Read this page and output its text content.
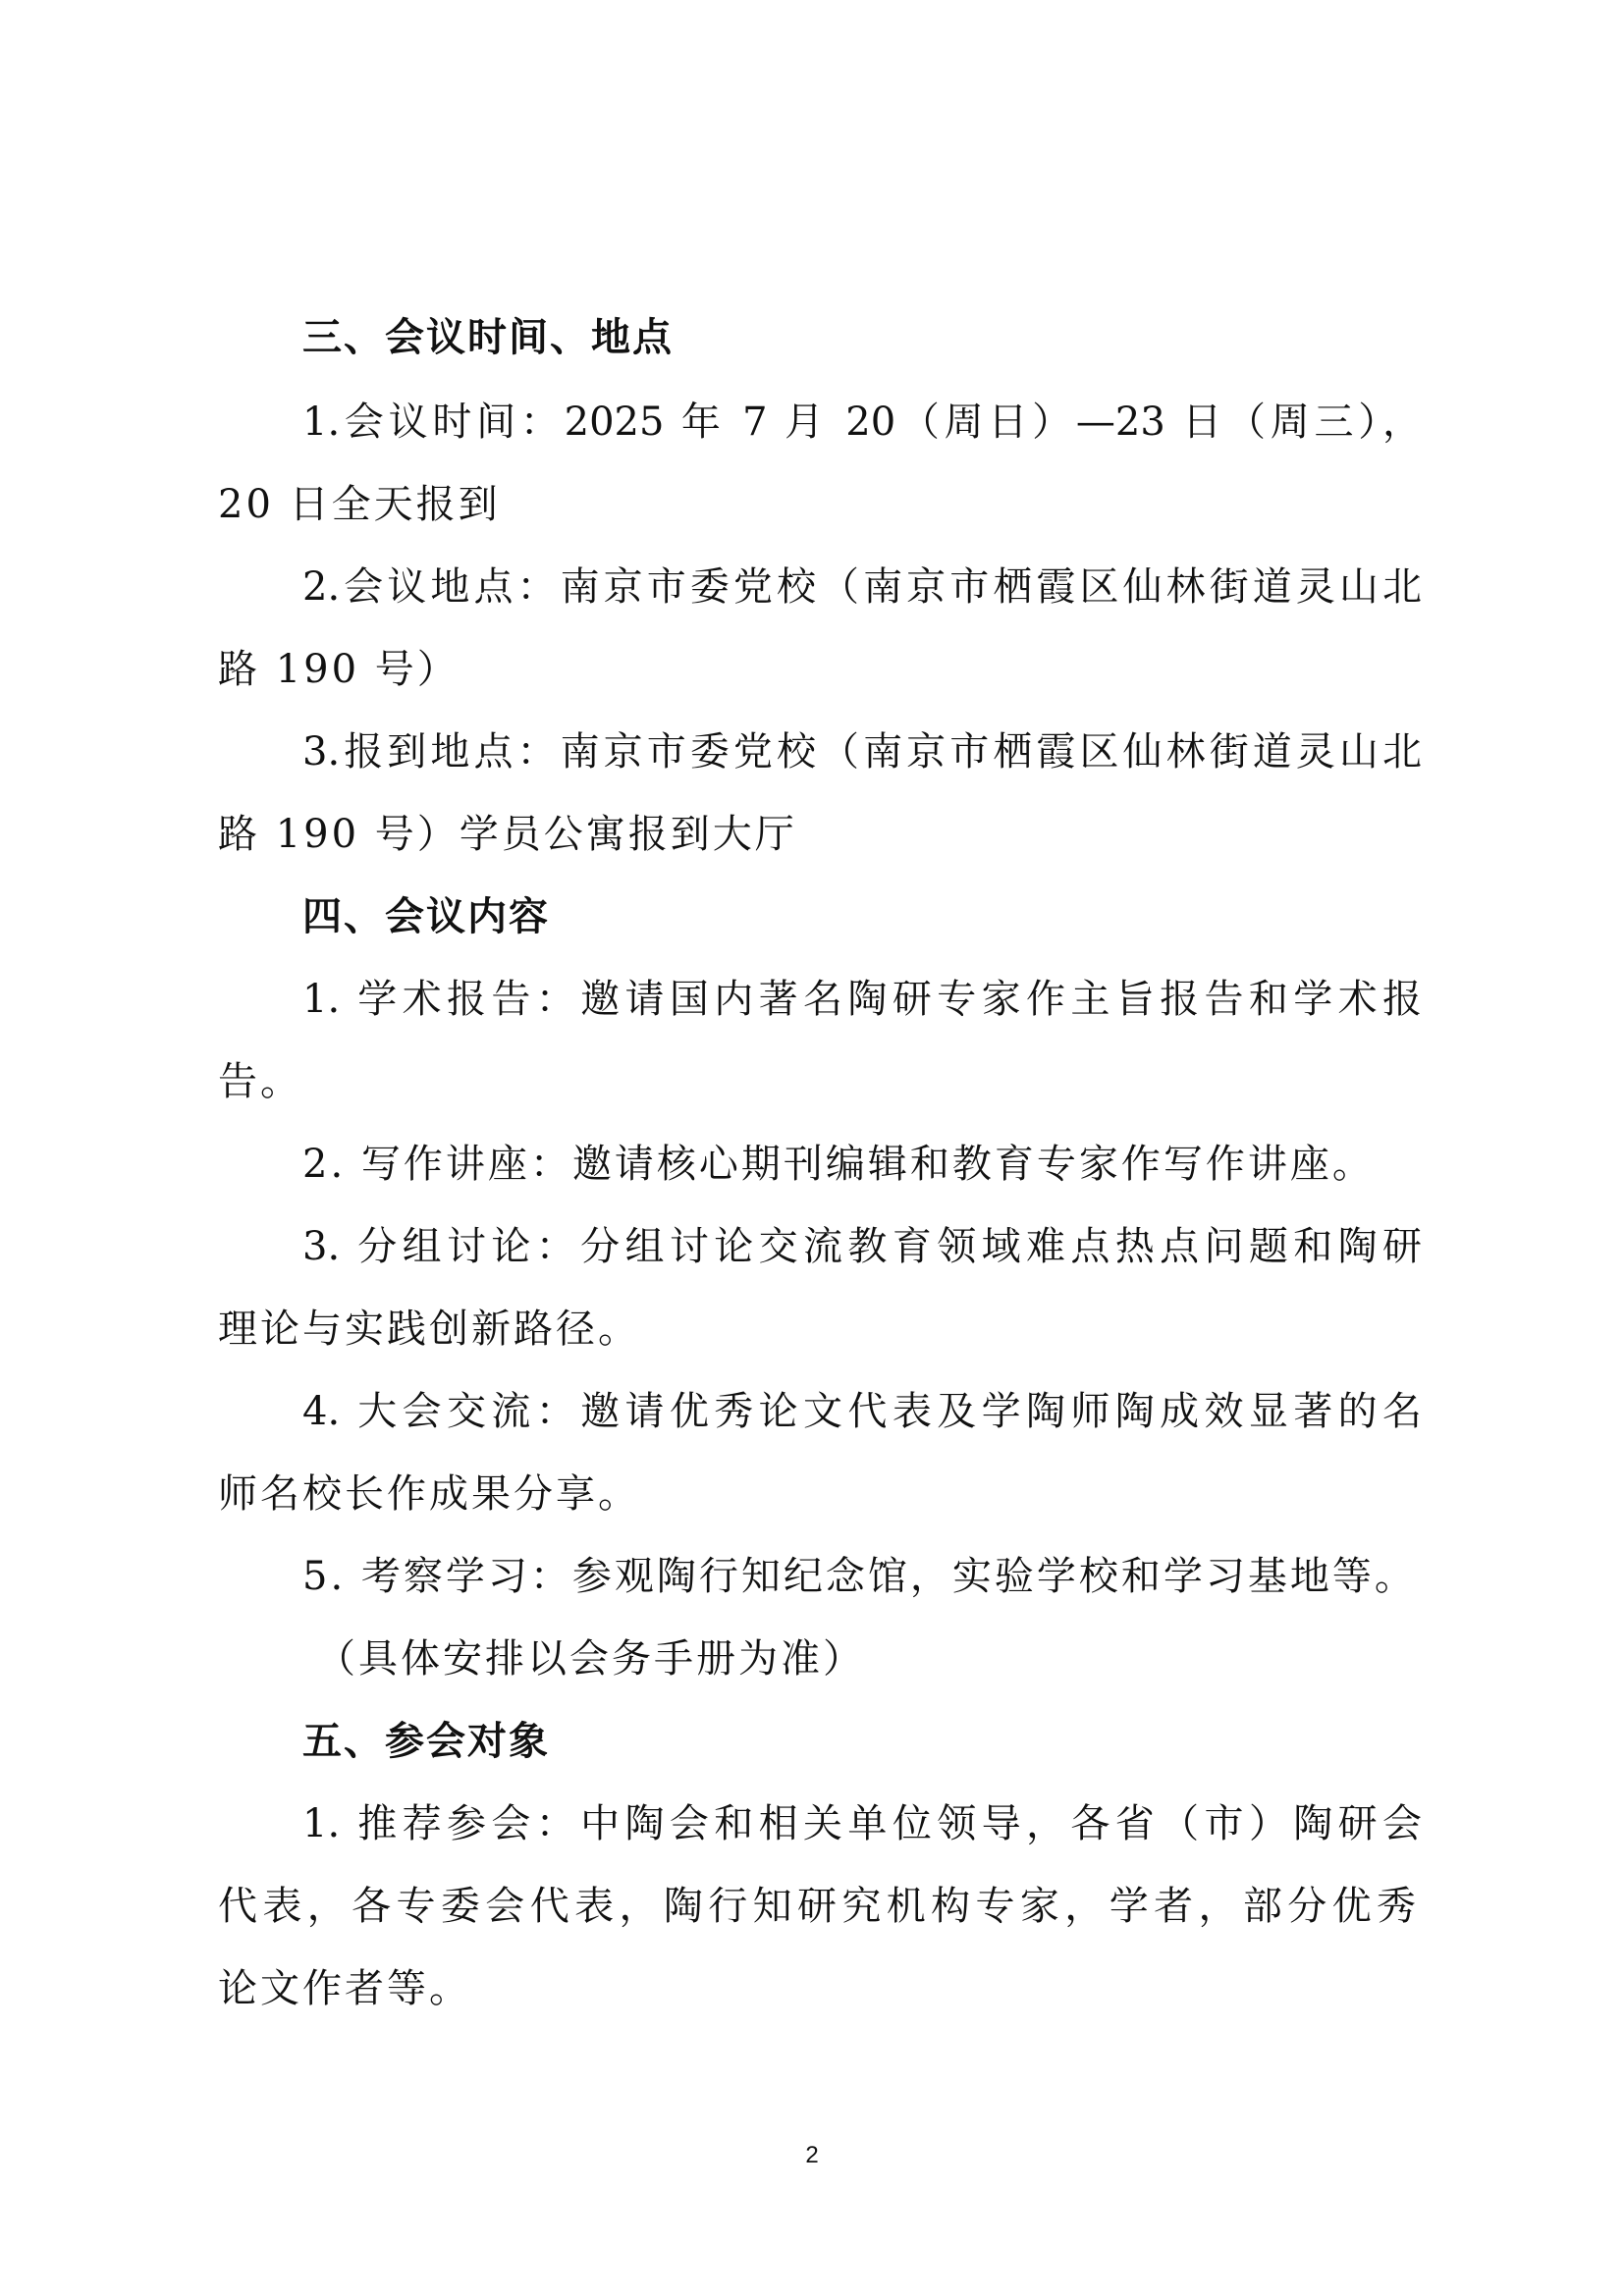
三、会议时间、地点
1.会议时间：2025 年 7 月 20（周日）—23 日（周三），
20 日全天报到
2.会议地点：南京市委党校（南京市栖霞区仙林街道灵山北
路 190 号）
3.报到地点：南京市委党校（南京市栖霞区仙林街道灵山北
路 190 号）学员公寓报到大厅
四、会议内容
1. 学术报告：邀请国内著名陶研专家作主旨报告和学术报
告。
2. 写作讲座：邀请核心期刊编辑和教育专家作写作讲座。
3. 分组讨论：分组讨论交流教育领域难点热点问题和陶研
理论与实践创新路径。
4. 大会交流：邀请优秀论文代表及学陶师陶成效显著的名
师名校长作成果分享。
5. 考察学习：参观陶行知纪念馆，实验学校和学习基地等。
（具体安排以会务手册为准）
五、参会对象
1. 推荐参会：中陶会和相关单位领导，各省（市）陶研会
代表，各专委会代表，陶行知研究机构专家，学者，部分优秀
论文作者等。
2
